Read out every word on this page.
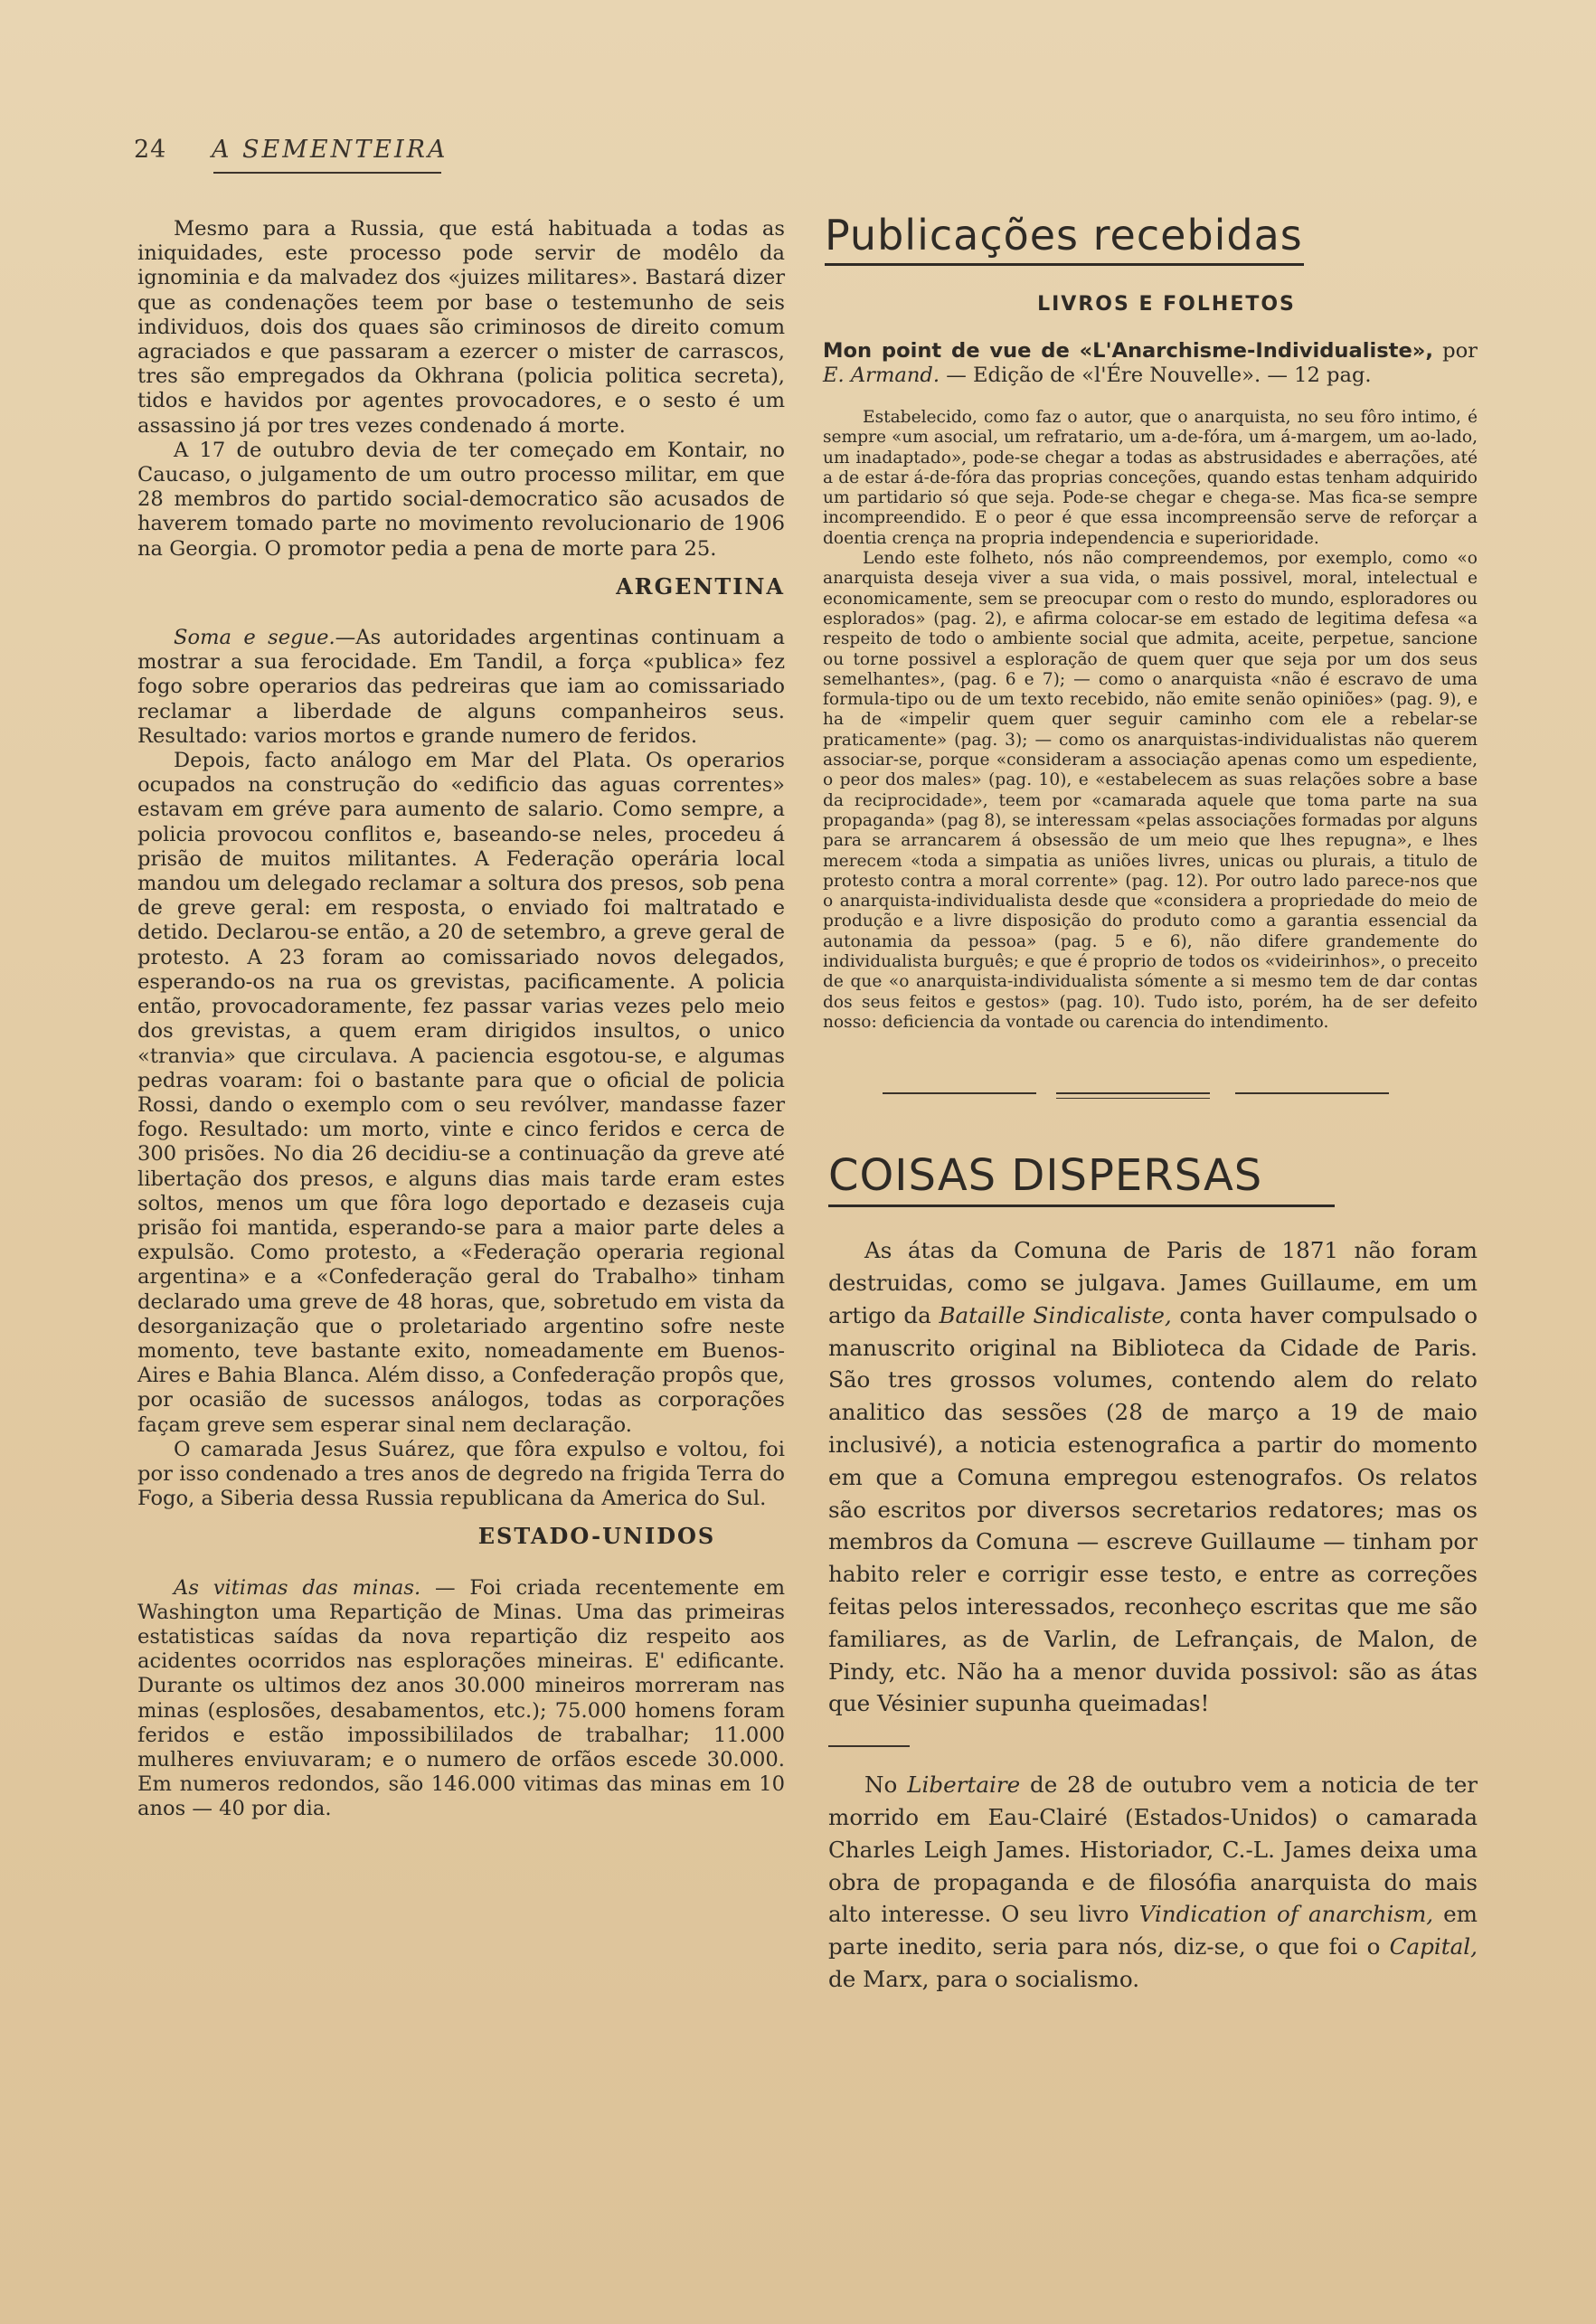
24 A SEMENTEIRA

Mesmo para a Russia, que está habituada a todas as iniquidades, este processo pode servir de modêlo da ignominia e da malvadez dos «juizes militares». Bastará dizer que as condenações teem por base o testemunho de seis individuos, dois dos quaes são criminosos de direito comum agraciados e que passaram a ezercer o mister de carrascos, tres são empregados da Okhrana (policia politica secreta), tidos e havidos por agentes provocadores, e o sesto é um assassino já por tres vezes condenado á morte.

A 17 de outubro devia de ter começado em Kontair, no Caucaso, o julgamento de um outro processo militar, em que 28 membros do partido social-democratico são acusados de haverem tomado parte no movimento revolucionario de 1906 na Georgia. O promotor pedia a pena de morte para 25.

ARGENTINA

Soma e segue.—As autoridades argentinas continuam a mostrar a sua ferocidade. Em Tandil, a força «publica» fez fogo sobre operarios das pedreiras que iam ao comissariado reclamar a liberdade de alguns companheiros seus. Resultado: varios mortos e grande numero de feridos.

Depois, facto análogo em Mar del Plata. Os operarios ocupados na construção do «edificio das aguas correntes» estavam em gréve para aumento de salario. Como sempre, a policia provocou conflitos e, baseando-se neles, procedeu á prisão de muitos militantes. A Federação operária local mandou um delegado reclamar a soltura dos presos, sob pena de greve geral: em resposta, o enviado foi maltratado e detido. Declarou-se então, a 20 de setembro, a greve geral de protesto. A 23 foram ao comissariado novos delegados, esperando-os na rua os grevistas, pacificamente. A policia então, provocadoramente, fez passar varias vezes pelo meio dos grevistas, a quem eram dirigidos insultos, o unico «tranvia» que circulava. A paciencia esgotou-se, e algumas pedras voaram: foi o bastante para que o oficial de policia Rossi, dando o exemplo com o seu revólver, mandasse fazer fogo. Resultado: um morto, vinte e cinco feridos e cerca de 300 prisões. No dia 26 decidiu-se a continuação da greve até libertação dos presos, e alguns dias mais tarde eram estes soltos, menos um que fôra logo deportado e dezaseis cuja prisão foi mantida, esperando-se para a maior parte deles a expulsão. Como protesto, a «Federação operaria regional argentina» e a «Confederação geral do Trabalho» tinham declarado uma greve de 48 horas, que, sobretudo em vista da desorganização que o proletariado argentino sofre neste momento, teve bastante exito, nomeadamente em Buenos-Aires e Bahia Blanca. Além disso, a Confederação propôs que, por ocasião de sucessos análogos, todas as corporações façam greve sem esperar sinal nem declaração.

O camarada Jesus Suárez, que fôra expulso e voltou, foi por isso condenado a tres anos de degredo na frigida Terra do Fogo, a Siberia dessa Russia republicana da America do Sul.

ESTADO-UNIDOS

As vitimas das minas. — Foi criada recentemente em Washington uma Repartição de Minas. Uma das primeiras estatisticas saídas da nova repartição diz respeito aos acidentes ocorridos nas esplorações mineiras. E' edificante. Durante os ultimos dez anos 30.000 mineiros morreram nas minas (esplosões, desabamentos, etc.); 75.000 homens foram feridos e estão impossibililados de trabalhar; 11.000 mulheres enviuvaram; e o numero de orfãos escede 30.000. Em numeros redondos, são 146.000 vitimas das minas em 10 anos — 40 por dia.

Publicações recebidas
LIVROS E FOLHETOS
Mon point de vue de «L'Anarchisme-Individualiste», por E. Armand. — Edição de «l'Ére Nouvelle». — 12 pag.

Estabelecido, como faz o autor, que o anarquista, no seu fôro intimo, é sempre «um asocial, um refratario, um a-de-fóra, um á-margem, um ao-lado, um inadaptado», pode-se chegar a todas as abstrusidades e aberrações, até a de estar á-de-fóra das proprias conceções, quando estas tenham adquirido um partidario só que seja. Pode-se chegar e chega-se. Mas fica-se sempre incompreendido. E o peor é que essa incompreensão serve de reforçar a doentia crença na propria independencia e superioridade.

Lendo este folheto, nós não compreendemos, por exemplo, como «o anarquista deseja viver a sua vida, o mais possivel, moral, intelectual e economicamente, sem se preocupar com o resto do mundo, esploradores ou esplorados» (pag. 2), e afirma colocar-se em estado de legitima defesa «a respeito de todo o ambiente social que admita, aceite, perpetue, sancione ou torne possivel a esploração de quem quer que seja por um dos seus semelhantes», (pag. 6 e 7); — como o anarquista «não é escravo de uma formula-tipo ou de um texto recebido, não emite senão opiniões» (pag. 9), e ha de «impelir quem quer seguir caminho com ele a rebelar-se praticamente» (pag. 3); — como os anarquistas-individualistas não querem associar-se, porque «consideram a associação apenas como um espediente, o peor dos males» (pag. 10), e «estabelecem as suas relações sobre a base da reciprocidade», teem por «camarada aquele que toma parte na sua propaganda» (pag 8), se interessam «pelas associações formadas por alguns para se arrancarem á obsessão de um meio que lhes repugna», e lhes merecem «toda a simpatia as uniões livres, unicas ou plurais, a titulo de protesto contra a moral corrente» (pag. 12). Por outro lado parece-nos que o anarquista-individualista desde que «considera a propriedade do meio de produção e a livre disposição do produto como a garantia essencial da autonamia da pessoa» (pag. 5 e 6), não difere grandemente do individualista burguês; e que é proprio de todos os «videirinhos», o preceito de que «o anarquista-individualista sómente a si mesmo tem de dar contas dos seus feitos e gestos» (pag. 10). Tudo isto, porém, ha de ser defeito nosso: deficiencia da vontade ou carencia do intendimento.

COISAS DISPERSAS

As átas da Comuna de Paris de 1871 não foram destruidas, como se julgava. James Guillaume, em um artigo da Bataille Sindicaliste, conta haver compulsado o manuscrito original na Biblioteca da Cidade de Paris. São tres grossos volumes, contendo alem do relato analitico das sessões (28 de março a 19 de maio inclusivé), a noticia estenografica a partir do momento em que a Comuna empregou estenografos. Os relatos são escritos por diversos secretarios redatores; mas os membros da Comuna — escreve Guillaume — tinham por habito reler e corrigir esse testo, e entre as correções feitas pelos interessados, reconheço escritas que me são familiares, as de Varlin, de Lefrançais, de Malon, de Pindy, etc. Não ha a menor duvida possivol: são as átas que Vésinier supunha queimadas!

No Libertaire de 28 de outubro vem a noticia de ter morrido em Eau-Clairé (Estados-Unidos) o camarada Charles Leigh James. Historiador, C.-L. James deixa uma obra de propaganda e de filosófia anarquista do mais alto interesse. O seu livro Vindication of anarchism, em parte inedito, seria para nós, diz-se, o que foi o Capital, de Marx, para o socialismo.
